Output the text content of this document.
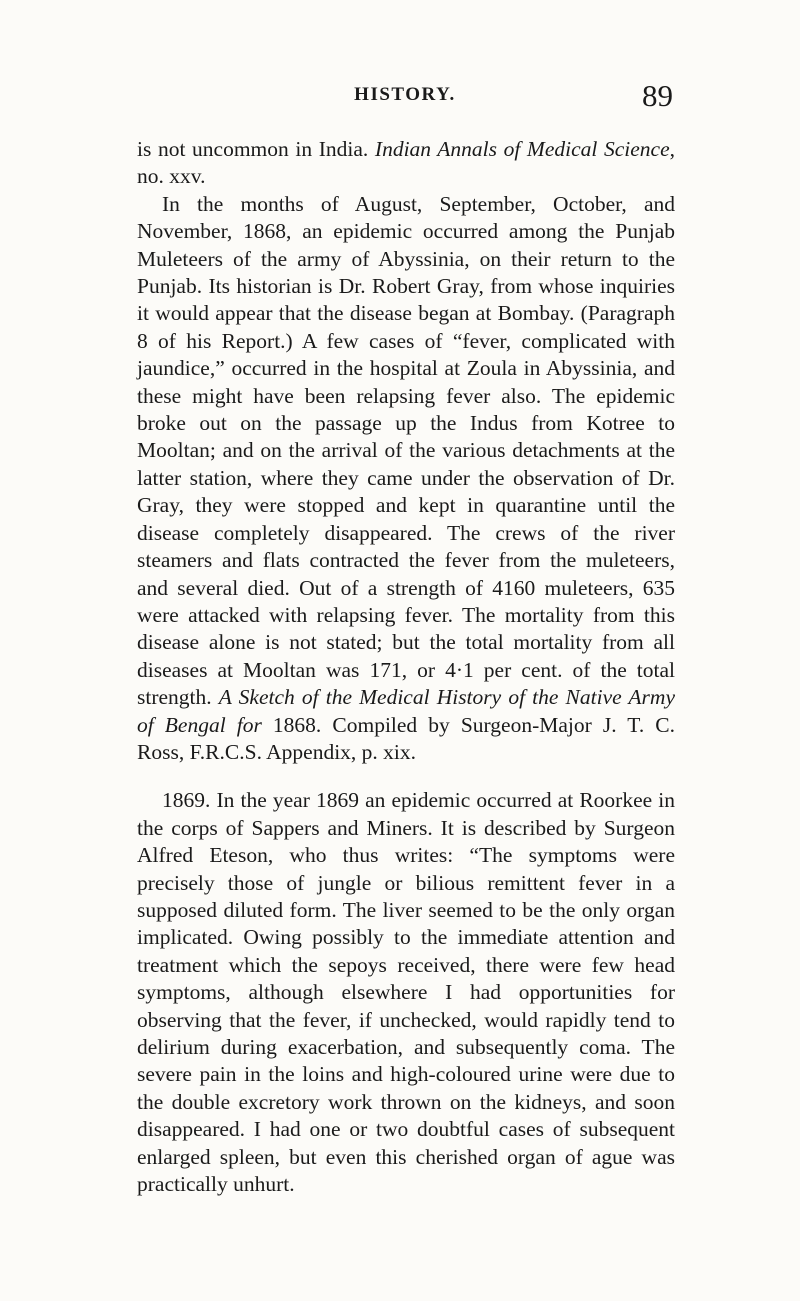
HISTORY.	89

is not uncommon in India. Indian Annals of Medical Science, no. xxv.

In the months of August, September, October, and November, 1868, an epidemic occurred among the Punjab Muleteers of the army of Abyssinia, on their return to the Punjab. Its historian is Dr. Robert Gray, from whose inquiries it would appear that the disease began at Bombay. (Paragraph 8 of his Report.) A few cases of “fever, complicated with jaundice,” occurred in the hospital at Zoula in Abyssinia, and these might have been relapsing fever also. The epidemic broke out on the passage up the Indus from Kotree to Mooltan; and on the arrival of the various detachments at the latter station, where they came under the observation of Dr. Gray, they were stopped and kept in quarantine until the disease completely disappeared. The crews of the river steamers and flats contracted the fever from the muleteers, and several died. Out of a strength of 4160 muleteers, 635 were attacked with relapsing fever. The mortality from this disease alone is not stated; but the total mortality from all diseases at Mooltan was 171, or 4·1 per cent. of the total strength. A Sketch of the Medical History of the Native Army of Bengal for 1868. Compiled by Surgeon-Major J. T. C. Ross, F.R.C.S. Appendix, p. xix.

1869. In the year 1869 an epidemic occurred at Roorkee in the corps of Sappers and Miners. It is described by Surgeon Alfred Eteson, who thus writes: “The symptoms were precisely those of jungle or bilious remittent fever in a supposed diluted form. The liver seemed to be the only organ implicated. Owing possibly to the immediate attention and treatment which the sepoys received, there were few head symptoms, although elsewhere I had opportunities for observing that the fever, if unchecked, would rapidly tend to delirium during exacerbation, and subsequently coma. The severe pain in the loins and high-coloured urine were due to the double excretory work thrown on the kidneys, and soon disappeared. I had one or two doubtful cases of subsequent enlarged spleen, but even this cherished organ of ague was practically unhurt.
